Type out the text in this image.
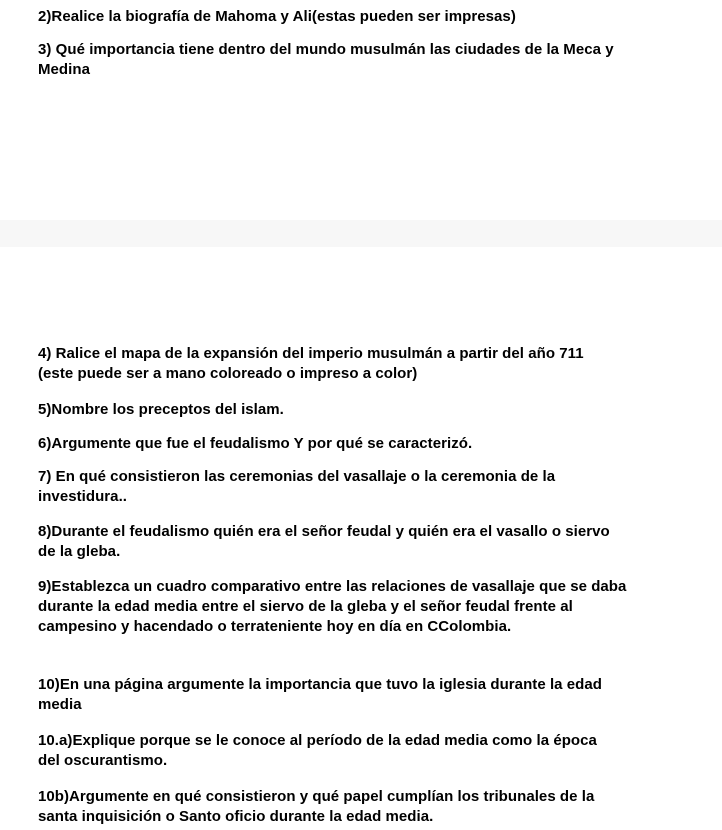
2)Realice la biografía de Mahoma y Ali(estas pueden ser impresas)

3) Qué importancia tiene dentro del mundo musulmán las ciudades de la Meca y Medina

4) Ralice el mapa de la expansión del imperio musulmán a partir del año 711 (este puede ser a mano coloreado o impreso a color)

5)Nombre los preceptos del islam.

6)Argumente que fue el feudalismo Y por qué se caracterizó.

7) En qué consistieron las ceremonias del vasallaje o la ceremonia de la investidura..

8)Durante el feudalismo quién era el señor feudal y quién era el vasallo o siervo de la gleba.

9)Establezca un cuadro comparativo entre las relaciones de vasallaje que se daba durante la edad media entre el siervo de la gleba y el señor feudal frente al campesino y hacendado o terrateniente hoy en día en CColombia.

10)En una página argumente la importancia que tuvo la iglesia durante la edad media

10.a)Explique porque se le conoce al período de la edad media como la época del oscurantismo.

10b)Argumente en qué consistieron y qué papel cumplían los tribunales de la santa inquisición o Santo oficio durante la edad media.
